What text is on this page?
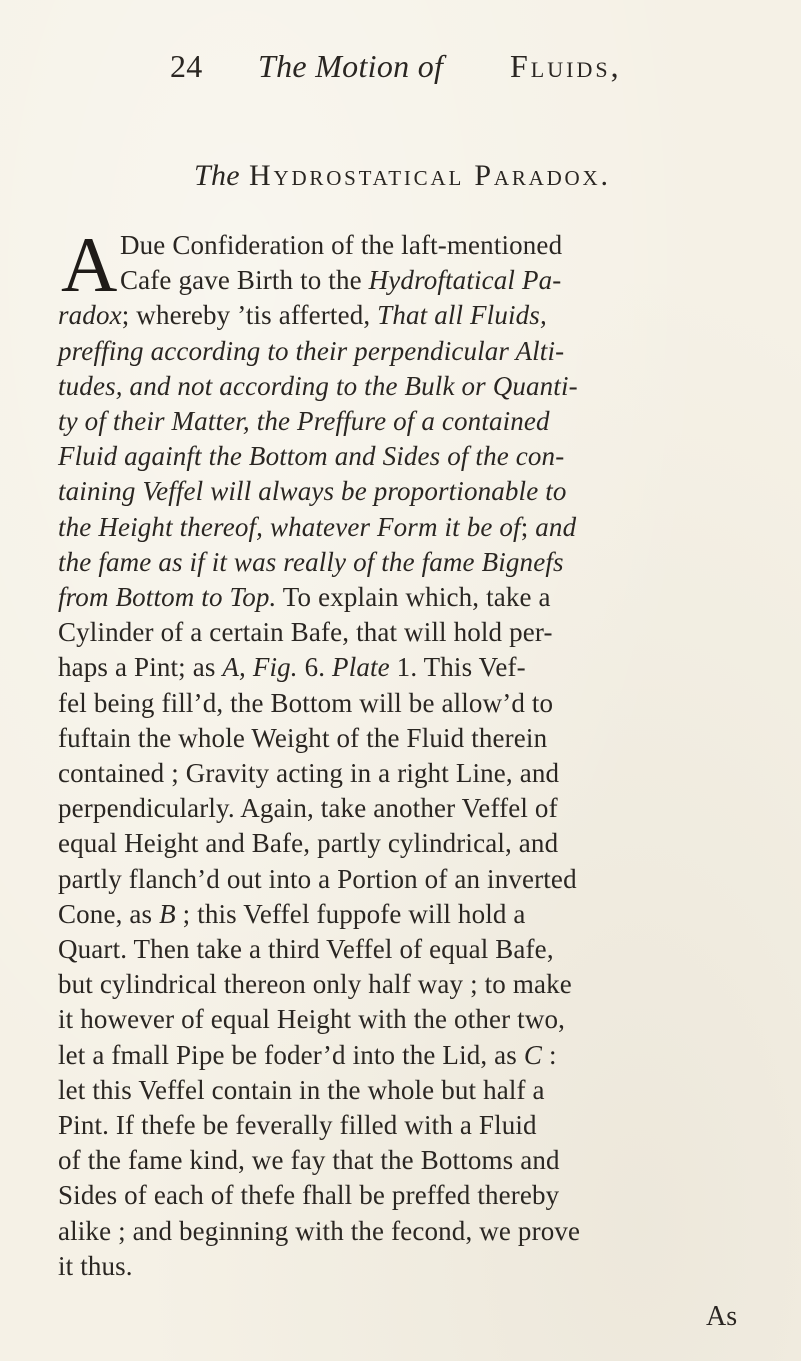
24 The Motion of Fluids,
The Hydrostatical Paradox.
A Due Confideration of the laft-mentioned
Cafe gave Birth to the Hydroftatical Pa-
radox; whereby ’tis afferted, That all Fluids,
preffing according to their perpendicular Alti-
tudes, and not according to the Bulk or Quanti-
ty of their Matter, the Preffure of a contained
Fluid againft the Bottom and Sides of the con-
taining Veffel will always be proportionable to
the Height thereof, whatever Form it be of; and
the fame as if it was really of the fame Bignefs
from Bottom to Top. To explain which, take a
Cylinder of a certain Bafe, that will hold per-
haps a Pint; as A, Fig. 6. Plate 1. This Vef-
fel being fill’d, the Bottom will be allow’d to
fuftain the whole Weight of the Fluid therein
contained ; Gravity acting in a right Line, and
perpendicularly. Again, take another Veffel of
equal Height and Bafe, partly cylindrical, and
partly flanch’d out into a Portion of an inverted
Cone, as B ; this Veffel fuppofe will hold a
Quart. Then take a third Veffel of equal Bafe,
but cylindrical thereon only half way ; to make
it however of equal Height with the other two,
let a fmall Pipe be foder’d into the Lid, as C :
let this Veffel contain in the whole but half a
Pint. If thefe be feverally filled with a Fluid
of the fame kind, we fay that the Bottoms and
Sides of each of thefe fhall be preffed thereby
alike ; and beginning with the fecond, we prove
it thus.
As
